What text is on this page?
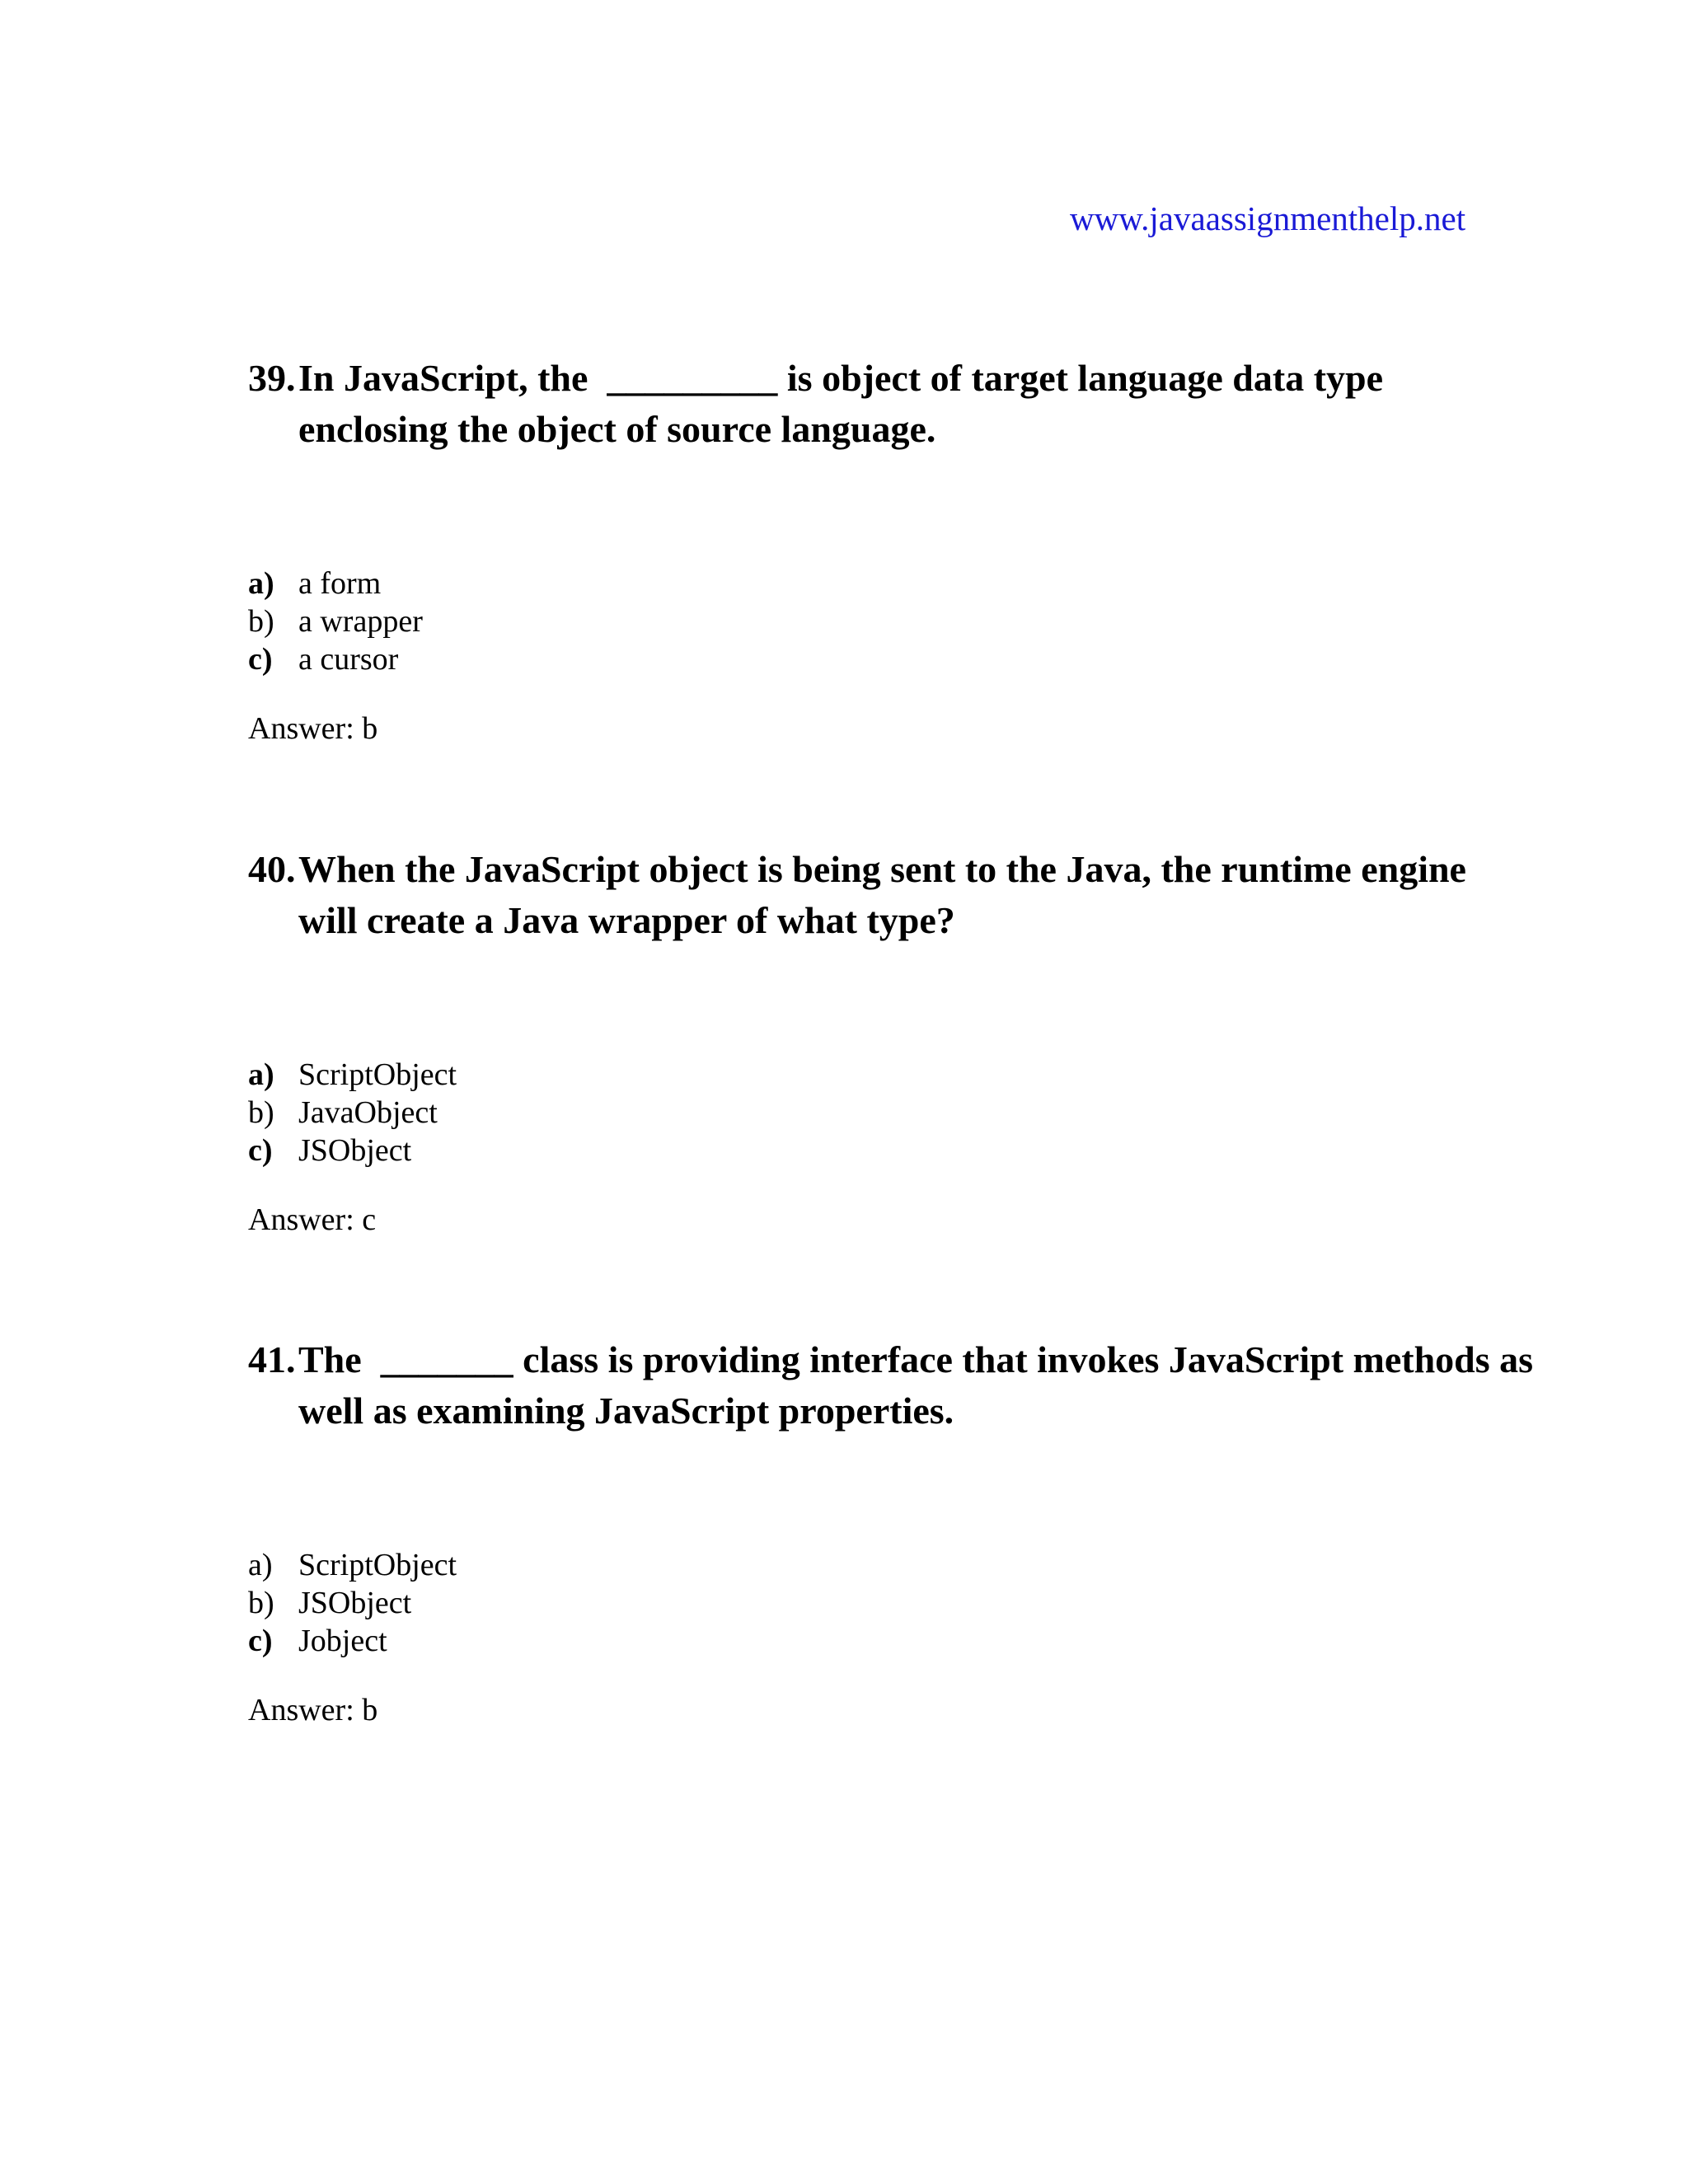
www.javaassignmenthelp.net
39. In JavaScript, the  _________ is object of target language data type enclosing the object of source language.
a) a form
b) a wrapper
c) a cursor
Answer: b
40. When the JavaScript object is being sent to the Java, the runtime engine will create a Java wrapper of what type?
a) ScriptObject
b) JavaObject
c) JSObject
Answer: c
41. The  _______ class is providing interface that invokes JavaScript methods as well as examining JavaScript properties.
a) ScriptObject
b) JSObject
c) Jobject
Answer: b
